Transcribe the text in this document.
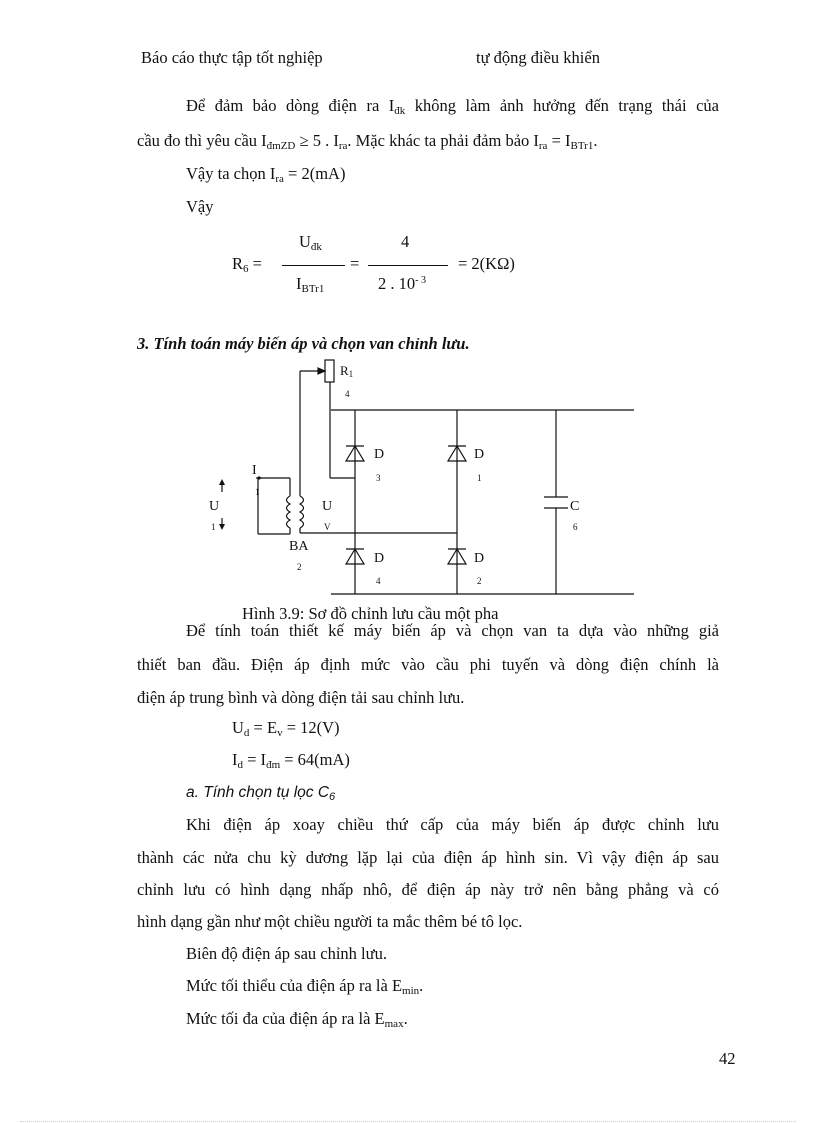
Báo cáo thực tập tốt nghiệp	tự động điều khiển
Để đảm bảo dòng điện ra $I_{đk}$ không làm ảnh hưởng đến trạng thái của
cầu đo thì yêu cầu $I_{đmZD} \ge 5$ . $I_{ra}$. Mặc khác ta phải đảm bảo $I_{ra} = I_{BTr1}$.
Vậy ta chọn $I_{ra} = 2(mA)$
Vậy
$R_6$ =
$U_{đk}$
$I_{BTr1}$
=
4
2 . $10^{- 3}$
= 2(KΩ)
3. Tính toán máy biến áp và chọn van chỉnh lưu.
R1
4
D
3
D
1
D
4
D
2
C
6
I
1
U
1
U
V
BA
2
Hình 3.9: Sơ đồ chỉnh lưu cầu một pha
Để tính toán thiết kế máy biến áp và chọn van ta dựa vào những giả
thiết ban đầu. Điện áp định mức vào cầu phi tuyến và dòng điện chính là
điện áp trung bình và dòng điện tải sau chỉnh lưu.
$U_d = E_v = 12(V)$
$I_d = I_{đm} = 64(mA)$
a. Tính chọn tụ lọc $C_6$
Khi điện áp xoay chiều thứ cấp của máy biến áp được chỉnh lưu
thành các nửa chu kỳ dương lặp lại của điện áp hình sin. Vì vậy điện áp sau
chỉnh lưu có hình dạng nhấp nhô, để điện áp này trở nên bằng phẳng và có
hình dạng gần như một chiều người ta mắc thêm bé tô lọc.
Biên độ điện áp sau chỉnh lưu.
Mức tối thiểu của điện áp ra là $E_{min}$.
Mức tối đa của điện áp ra là $E_{max}$.
42
